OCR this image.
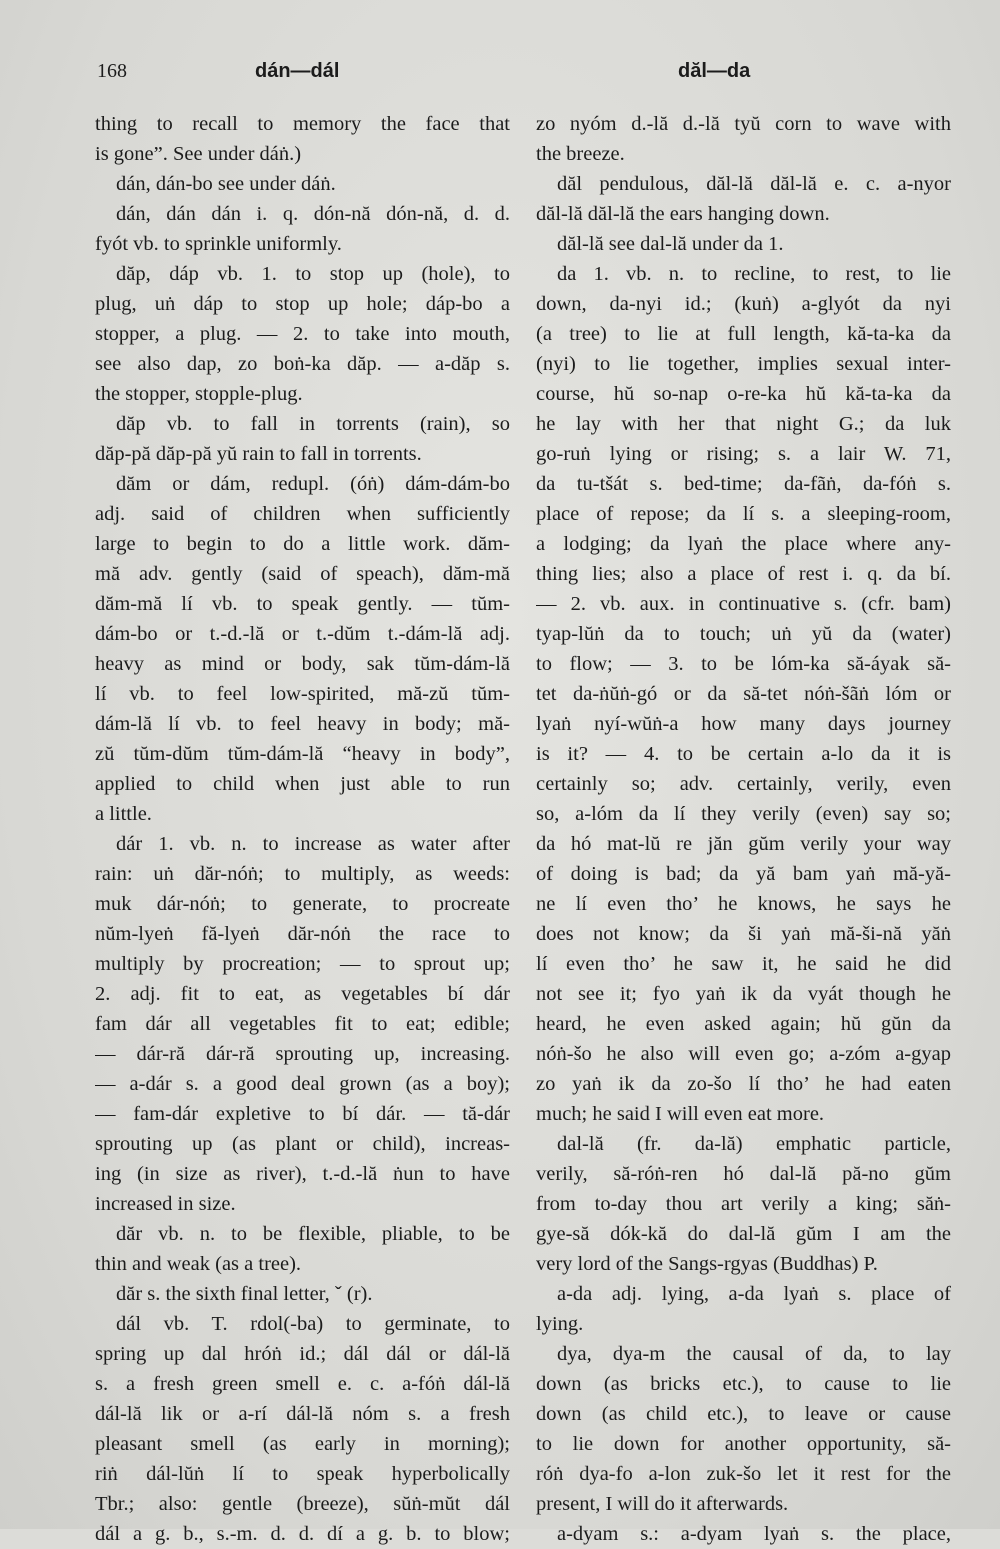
168	dán—dál	dăl—da
thing to recall to memory the face that
is gone”. See under dáṅ.)
dán, dán-bo see under dáṅ.
dán, dán dán i. q. dón-nă dón-nă, d. d.
fyót vb. to sprinkle uniformly.
dăp, dáp vb. 1. to stop up (hole), to
plug, uṅ dáp to stop up hole; dáp-bo a
stopper, a plug. — 2. to take into mouth,
see also dap, zo boṅ-ka dăp. — a-dăp s.
the stopper, stopple-plug.
dăp vb. to fall in torrents (rain), so
dăp-pă dăp-pă yŭ rain to fall in torrents.
dăm or dám, redupl. (óṅ) dám-dám-bo
adj. said of children when sufficiently
large to begin to do a little work. dăm-
mă adv. gently (said of speach), dăm-mă
dăm-mă lí vb. to speak gently. — tŭm-
dám-bo or t.-d.-lă or t.-dŭm t.-dám-lă adj.
heavy as mind or body, sak tŭm-dám-lă
lí vb. to feel low-spirited, mă-zŭ tŭm-
dám-lă lí vb. to feel heavy in body; mă-
zŭ tŭm-dŭm tŭm-dám-lă “heavy in body”,
applied to child when just able to run
a little.
dár 1. vb. n. to increase as water after
rain: uṅ dăr-nóṅ; to multiply, as weeds:
muk dár-nóṅ; to generate, to procreate
nŭm-lyeṅ fă-lyeṅ dăr-nóṅ the race to
multiply by procreation; — to sprout up;
2. adj. fit to eat, as vegetables bí dár
fam dár all vegetables fit to eat; edible;
— dár-ră dár-ră sprouting up, increasing.
— a-dár s. a good deal grown (as a boy);
— fam-dár expletive to bí dár. — tă-dár
sprouting up (as plant or child), increas-
ing (in size as river), t.-d.-lă ṅun to have
increased in size.
dăr vb. n. to be flexible, pliable, to be
thin and weak (as a tree).
dăr s. the sixth final letter, ˇ (r).
dál vb. T. rdol(-ba) to germinate, to
spring up dal hróṅ id.; dál dál or dál-lă
s. a fresh green smell e. c. a-fóṅ dál-lă
dál-lă lik or a-rí dál-lă nóm s. a fresh
pleasant smell (as early in morning);
riṅ dál-lŭṅ lí to speak hyperbolically
Tbr.; also: gentle (breeze), sŭṅ-mŭt dál
dál a g. b., s.-m. d. d. dí a g. b. to blow;
zo nyóm d.-lă d.-lă tyŭ corn to wave with
the breeze.
dăl pendulous, dăl-lă dăl-lă e. c. a-nyor
dăl-lă dăl-lă the ears hanging down.
dăl-lă see dal-lă under da 1.
da 1. vb. n. to recline, to rest, to lie
down, da-nyi id.; (kuṅ) a-glyót da nyi
(a tree) to lie at full length, kă-ta-ka da
(nyi) to lie together, implies sexual inter-
course, hŭ so-nap o-re-ka hŭ kă-ta-ka da
he lay with her that night G.; da luk
go-ruṅ lying or rising; s. a lair W. 71,
da tu-tšát s. bed-time; da-fãṅ, da-fóṅ s.
place of repose; da lí s. a sleeping-room,
a lodging; da lyaṅ the place where any-
thing lies; also a place of rest i. q. da bí.
— 2. vb. aux. in continuative s. (cfr. bam)
tyap-lŭṅ da to touch; uṅ yŭ da (water)
to flow; — 3. to be lóm-ka să-áyak să-
tet da-ṅŭṅ-gó or da să-tet nóṅ-šãṅ lóm or
lyaṅ nyí-wŭṅ-a how many days journey
is it? — 4. to be certain a-lo da it is
certainly so; adv. certainly, verily, even
so, a-lóm da lí they verily (even) say so;
da hó mat-lŭ re jăn gŭm verily your way
of doing is bad; da yă bam yaṅ mă-yă-
ne lí even tho’ he knows, he says he
does not know; da ši yaṅ mă-ši-nă yăṅ
lí even tho’ he saw it, he said he did
not see it; fyo yaṅ ik da vyát though he
heard, he even asked again; hŭ gŭn da
nóṅ-šo he also will even go; a-zóm a-gyap
zo yaṅ ik da zo-šo lí tho’ he had eaten
much; he said I will even eat more.
dal-lă (fr. da-lă) emphatic particle,
verily, să-róṅ-ren hó dal-lă pă-no gŭm
from to-day thou art verily a king; săṅ-
gye-să dók-kă do dal-lă gŭm I am the
very lord of the Sangs-rgyas (Buddhas) P.
a-da adj. lying, a-da lyaṅ s. place of
lying.
dya, dya-m the causal of da, to lay
down (as bricks etc.), to cause to lie
down (as child etc.), to leave or cause
to lie down for another opportunity, să-
róṅ dya-fo a-lon zuk-šo let it rest for the
present, I will do it afterwards.
a-dyam s.: a-dyam lyaṅ s. the place,
